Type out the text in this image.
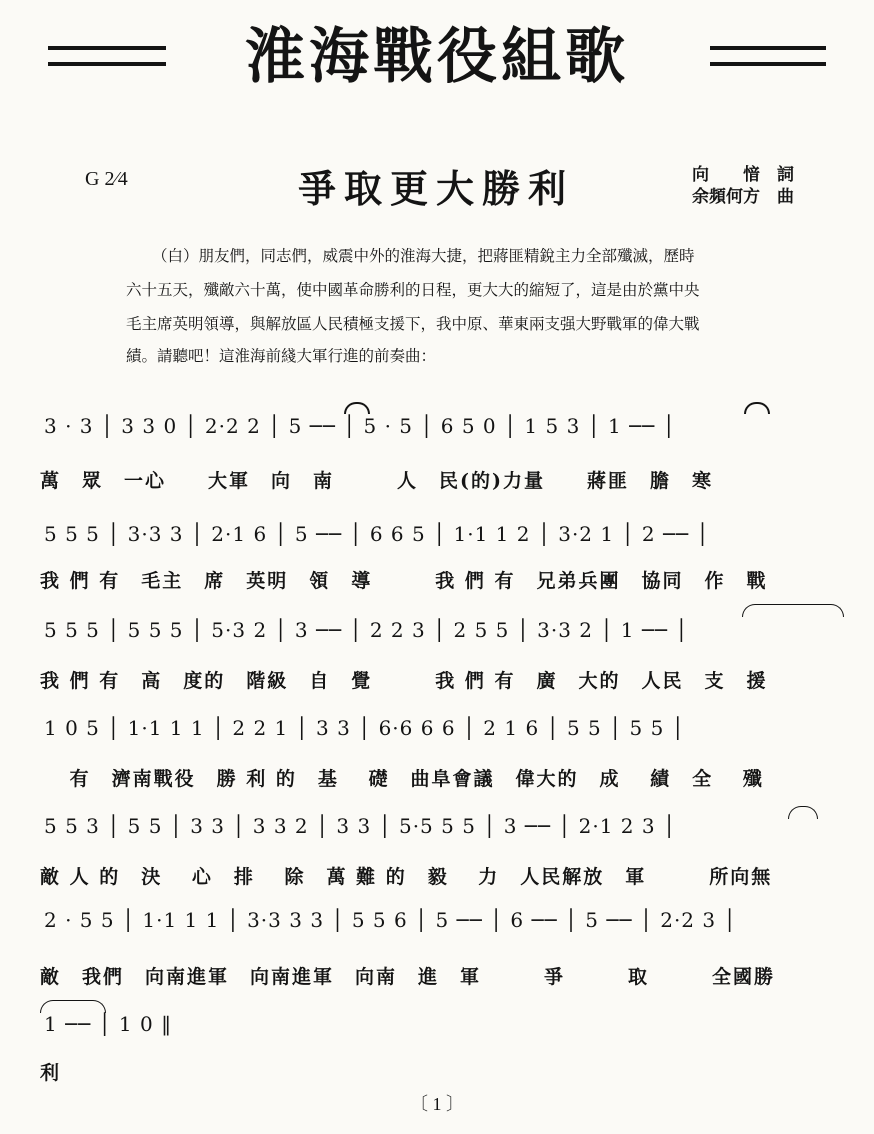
淮海戰役組歌
G 2⁄4	爭取更大勝利	向　　愔　詞
余頻何方　曲

（白）朋友們，同志們，威震中外的淮海大捷，把蔣匪精銳主力全部殲滅，歷時

六十五天，殲敵六十萬，使中國革命勝利的日程，更大大的縮短了，這是由於黨中央

毛主席英明領導，與解放區人民積極支援下，我中原、華東兩支强大野戰軍的偉大戰

績。請聽吧！這淮海前綫大軍行進的前奏曲：

3 · 3 │ 3 3 0 │ 2·2 2 │ 5 ── │ 5 · 5 │ 6 5 0 │ 1 5 3 │ 1 ── │
萬　眾　一心　　大軍　向　南　　　人　民(的)力量　　蔣匪　膽　寒
5 5 5 │ 3·3 3 │ 2·1 6 │ 5 ── │ 6 6 5 │ 1·1 1 2 │ 3·2 1 │ 2 ── │
我 們 有　毛主　席　英明　領　導　　　我 們 有　兄弟兵團　協同　作　戰
5 5 5 │ 5 5 5 │ 5·3 2 │ 3 ── │ 2 2 3 │ 2 5 5 │ 3·3 2 │ 1 ── │
我 們 有　高　度的　階級　自　覺　　　我 們 有　廣　大的　人民　支　援
1 0 5 │ 1·1 1 1 │ 2 2 1 │ 3 3 │ 6·6 6 6 │ 2 1 6 │ 5 5 │ 5 5 │
　 有　濟南戰役　勝 利 的　基　 礎　曲阜會議　偉大的　成　 績　全　 殲
5 5 3 │ 5 5 │ 3 3 │ 3 3 2 │ 3 3 │ 5·5 5 5 │ 3 ── │ 2·1 2 3 │
敵 人 的　決　 心　排　 除　萬 難 的　毅　 力　人民解放　軍　　　所向無
2 · 5 5 │ 1·1 1 1 │ 3·3 3 3 │ 5 5 6 │ 5 ── │ 6 ── │ 5 ── │ 2·2 3 │
敵　我們　向南進軍　向南進軍　向南　進　軍　　　爭　　　取　　　全國勝
1 ── │ 1 0 ‖
利
〔 1 〕
